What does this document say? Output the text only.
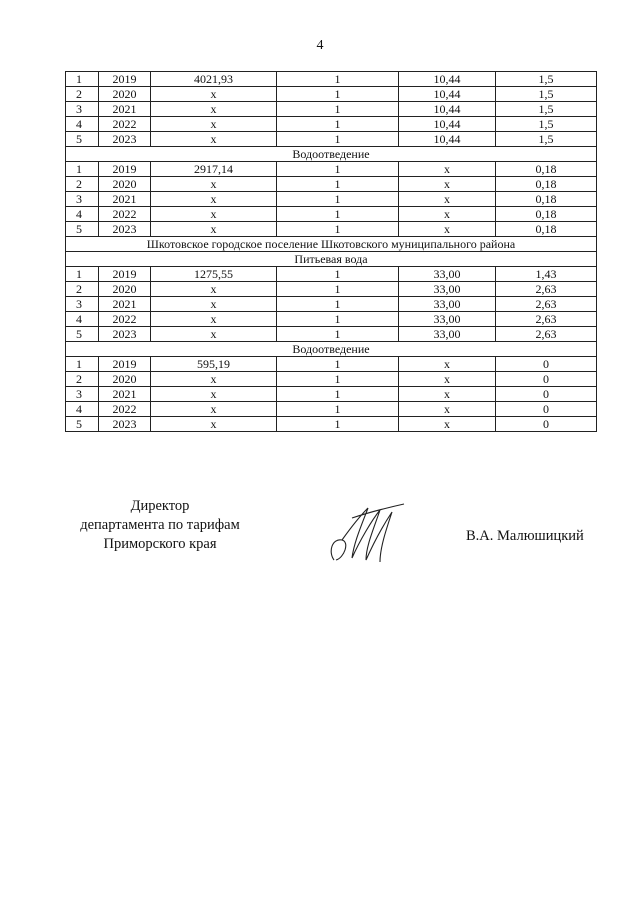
4
1	2019	4021,93	1	10,44	1,5
2	2020	х	1	10,44	1,5
3	2021	х	1	10,44	1,5
4	2022	х	1	10,44	1,5
5	2023	х	1	10,44	1,5
Водоотведение					
1	2019	2917,14	1	х	0,18
2	2020	х	1	х	0,18
3	2021	х	1	х	0,18
4	2022	х	1	х	0,18
5	2023	х	1	х	0,18
Шкотовское городское поселение Шкотовского муниципального района					
Питьевая вода					
1	2019	1275,55	1	33,00	1,43
2	2020	х	1	33,00	2,63
3	2021	х	1	33,00	2,63
4	2022	х	1	33,00	2,63
5	2023	х	1	33,00	2,63
Водоотведение					
1	2019	595,19	1	х	0
2	2020	х	1	х	0
3	2021	х	1	х	0
4	2022	х	1	х	0
5	2023	х	1	х	0
Директор
департамента по тарифам
Приморского края	В.А. Малюшицкий
